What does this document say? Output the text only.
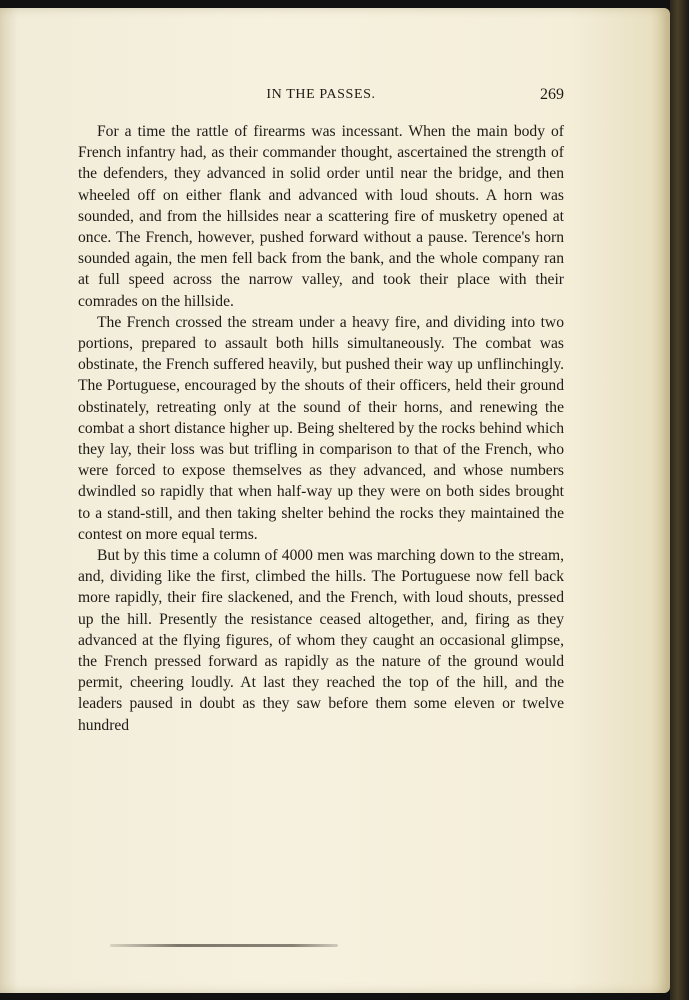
IN THE PASSES.	269

For a time the rattle of firearms was incessant. When the main body of French infantry had, as their commander thought, ascertained the strength of the defenders, they advanced in solid order until near the bridge, and then wheeled off on either flank and advanced with loud shouts. A horn was sounded, and from the hillsides near a scattering fire of musketry opened at once. The French, however, pushed forward without a pause. Terence's horn sounded again, the men fell back from the bank, and the whole company ran at full speed across the narrow valley, and took their place with their comrades on the hillside.

The French crossed the stream under a heavy fire, and dividing into two portions, prepared to assault both hills simultaneously. The combat was obstinate, the French suffered heavily, but pushed their way up unflinchingly. The Portuguese, encouraged by the shouts of their officers, held their ground obstinately, retreating only at the sound of their horns, and renewing the combat a short distance higher up. Being sheltered by the rocks behind which they lay, their loss was but trifling in comparison to that of the French, who were forced to expose themselves as they advanced, and whose numbers dwindled so rapidly that when half-way up they were on both sides brought to a stand-still, and then taking shelter behind the rocks they maintained the contest on more equal terms.

But by this time a column of 4000 men was marching down to the stream, and, dividing like the first, climbed the hills. The Portuguese now fell back more rapidly, their fire slackened, and the French, with loud shouts, pressed up the hill. Presently the resistance ceased altogether, and, firing as they advanced at the flying figures, of whom they caught an occasional glimpse, the French pressed forward as rapidly as the nature of the ground would permit, cheering loudly. At last they reached the top of the hill, and the leaders paused in doubt as they saw before them some eleven or twelve hundred
